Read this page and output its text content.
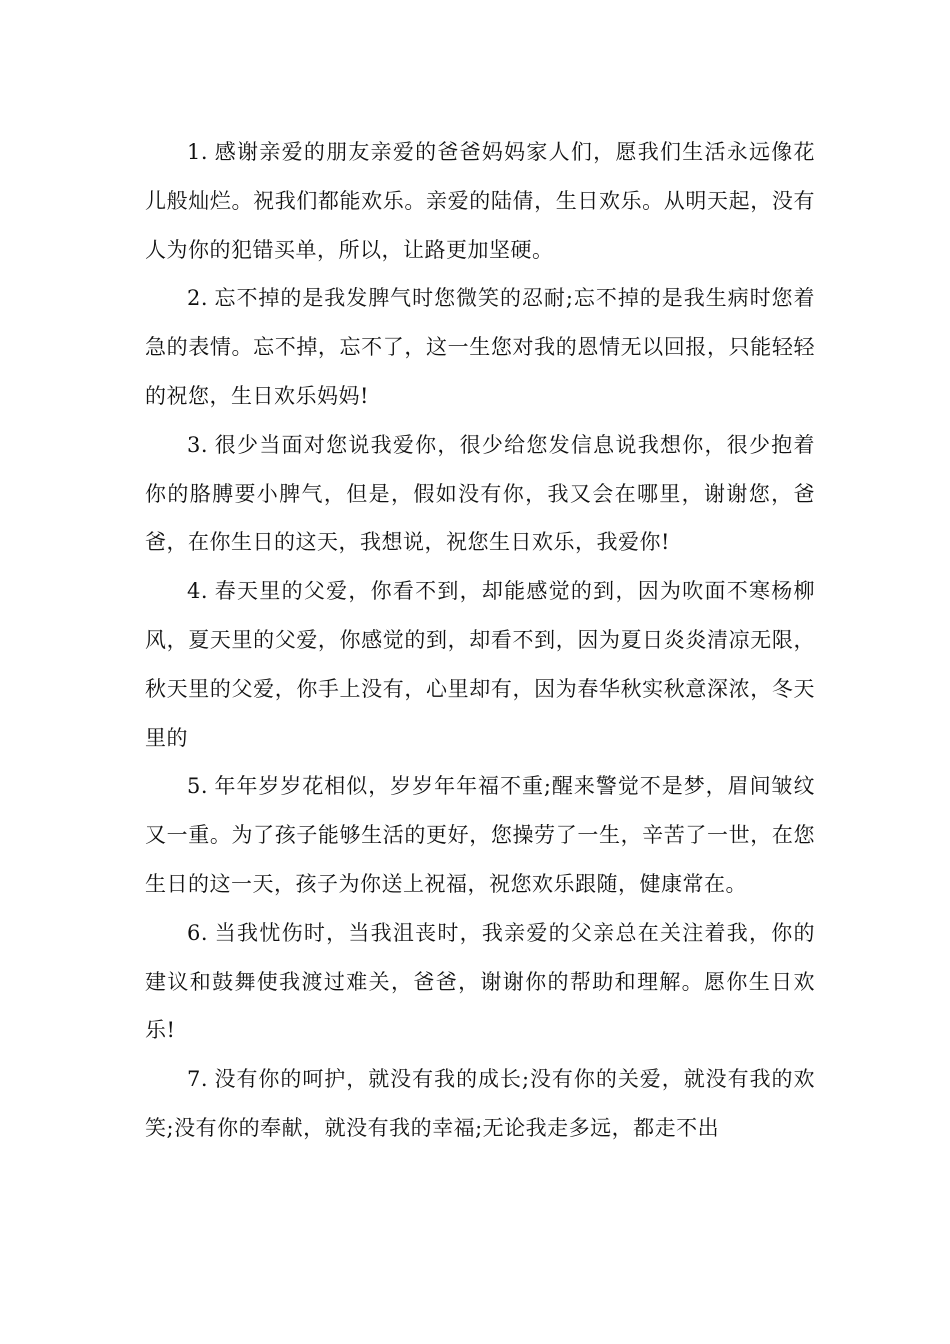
1. 感谢亲爱的朋友亲爱的爸爸妈妈家人们，愿我们生活永远像花儿般灿烂。祝我们都能欢乐。亲爱的陆倩，生日欢乐。从明天起，没有人为你的犯错买单，所以，让路更加坚硬。

2. 忘不掉的是我发脾气时您微笑的忍耐;忘不掉的是我生病时您着急的表情。忘不掉，忘不了，这一生您对我的恩情无以回报，只能轻轻的祝您，生日欢乐妈妈!

3. 很少当面对您说我爱你，很少给您发信息说我想你，很少抱着你的胳膊要小脾气，但是，假如没有你，我又会在哪里，谢谢您，爸爸，在你生日的这天，我想说，祝您生日欢乐，我爱你!

4. 春天里的父爱，你看不到，却能感觉的到，因为吹面不寒杨柳风，夏天里的父爱，你感觉的到，却看不到，因为夏日炎炎清凉无限，秋天里的父爱，你手上没有，心里却有，因为春华秋实秋意深浓，冬天里的

5. 年年岁岁花相似，岁岁年年福不重;醒来警觉不是梦，眉间皱纹又一重。为了孩子能够生活的更好，您操劳了一生，辛苦了一世，在您生日的这一天，孩子为你送上祝福，祝您欢乐跟随，健康常在。

6. 当我忧伤时，当我沮丧时，我亲爱的父亲总在关注着我，你的建议和鼓舞使我渡过难关，爸爸，谢谢你的帮助和理解。愿你生日欢乐!

7. 没有你的呵护，就没有我的成长;没有你的关爱，就没有我的欢笑;没有你的奉献，就没有我的幸福;无论我走多远，都走不出
